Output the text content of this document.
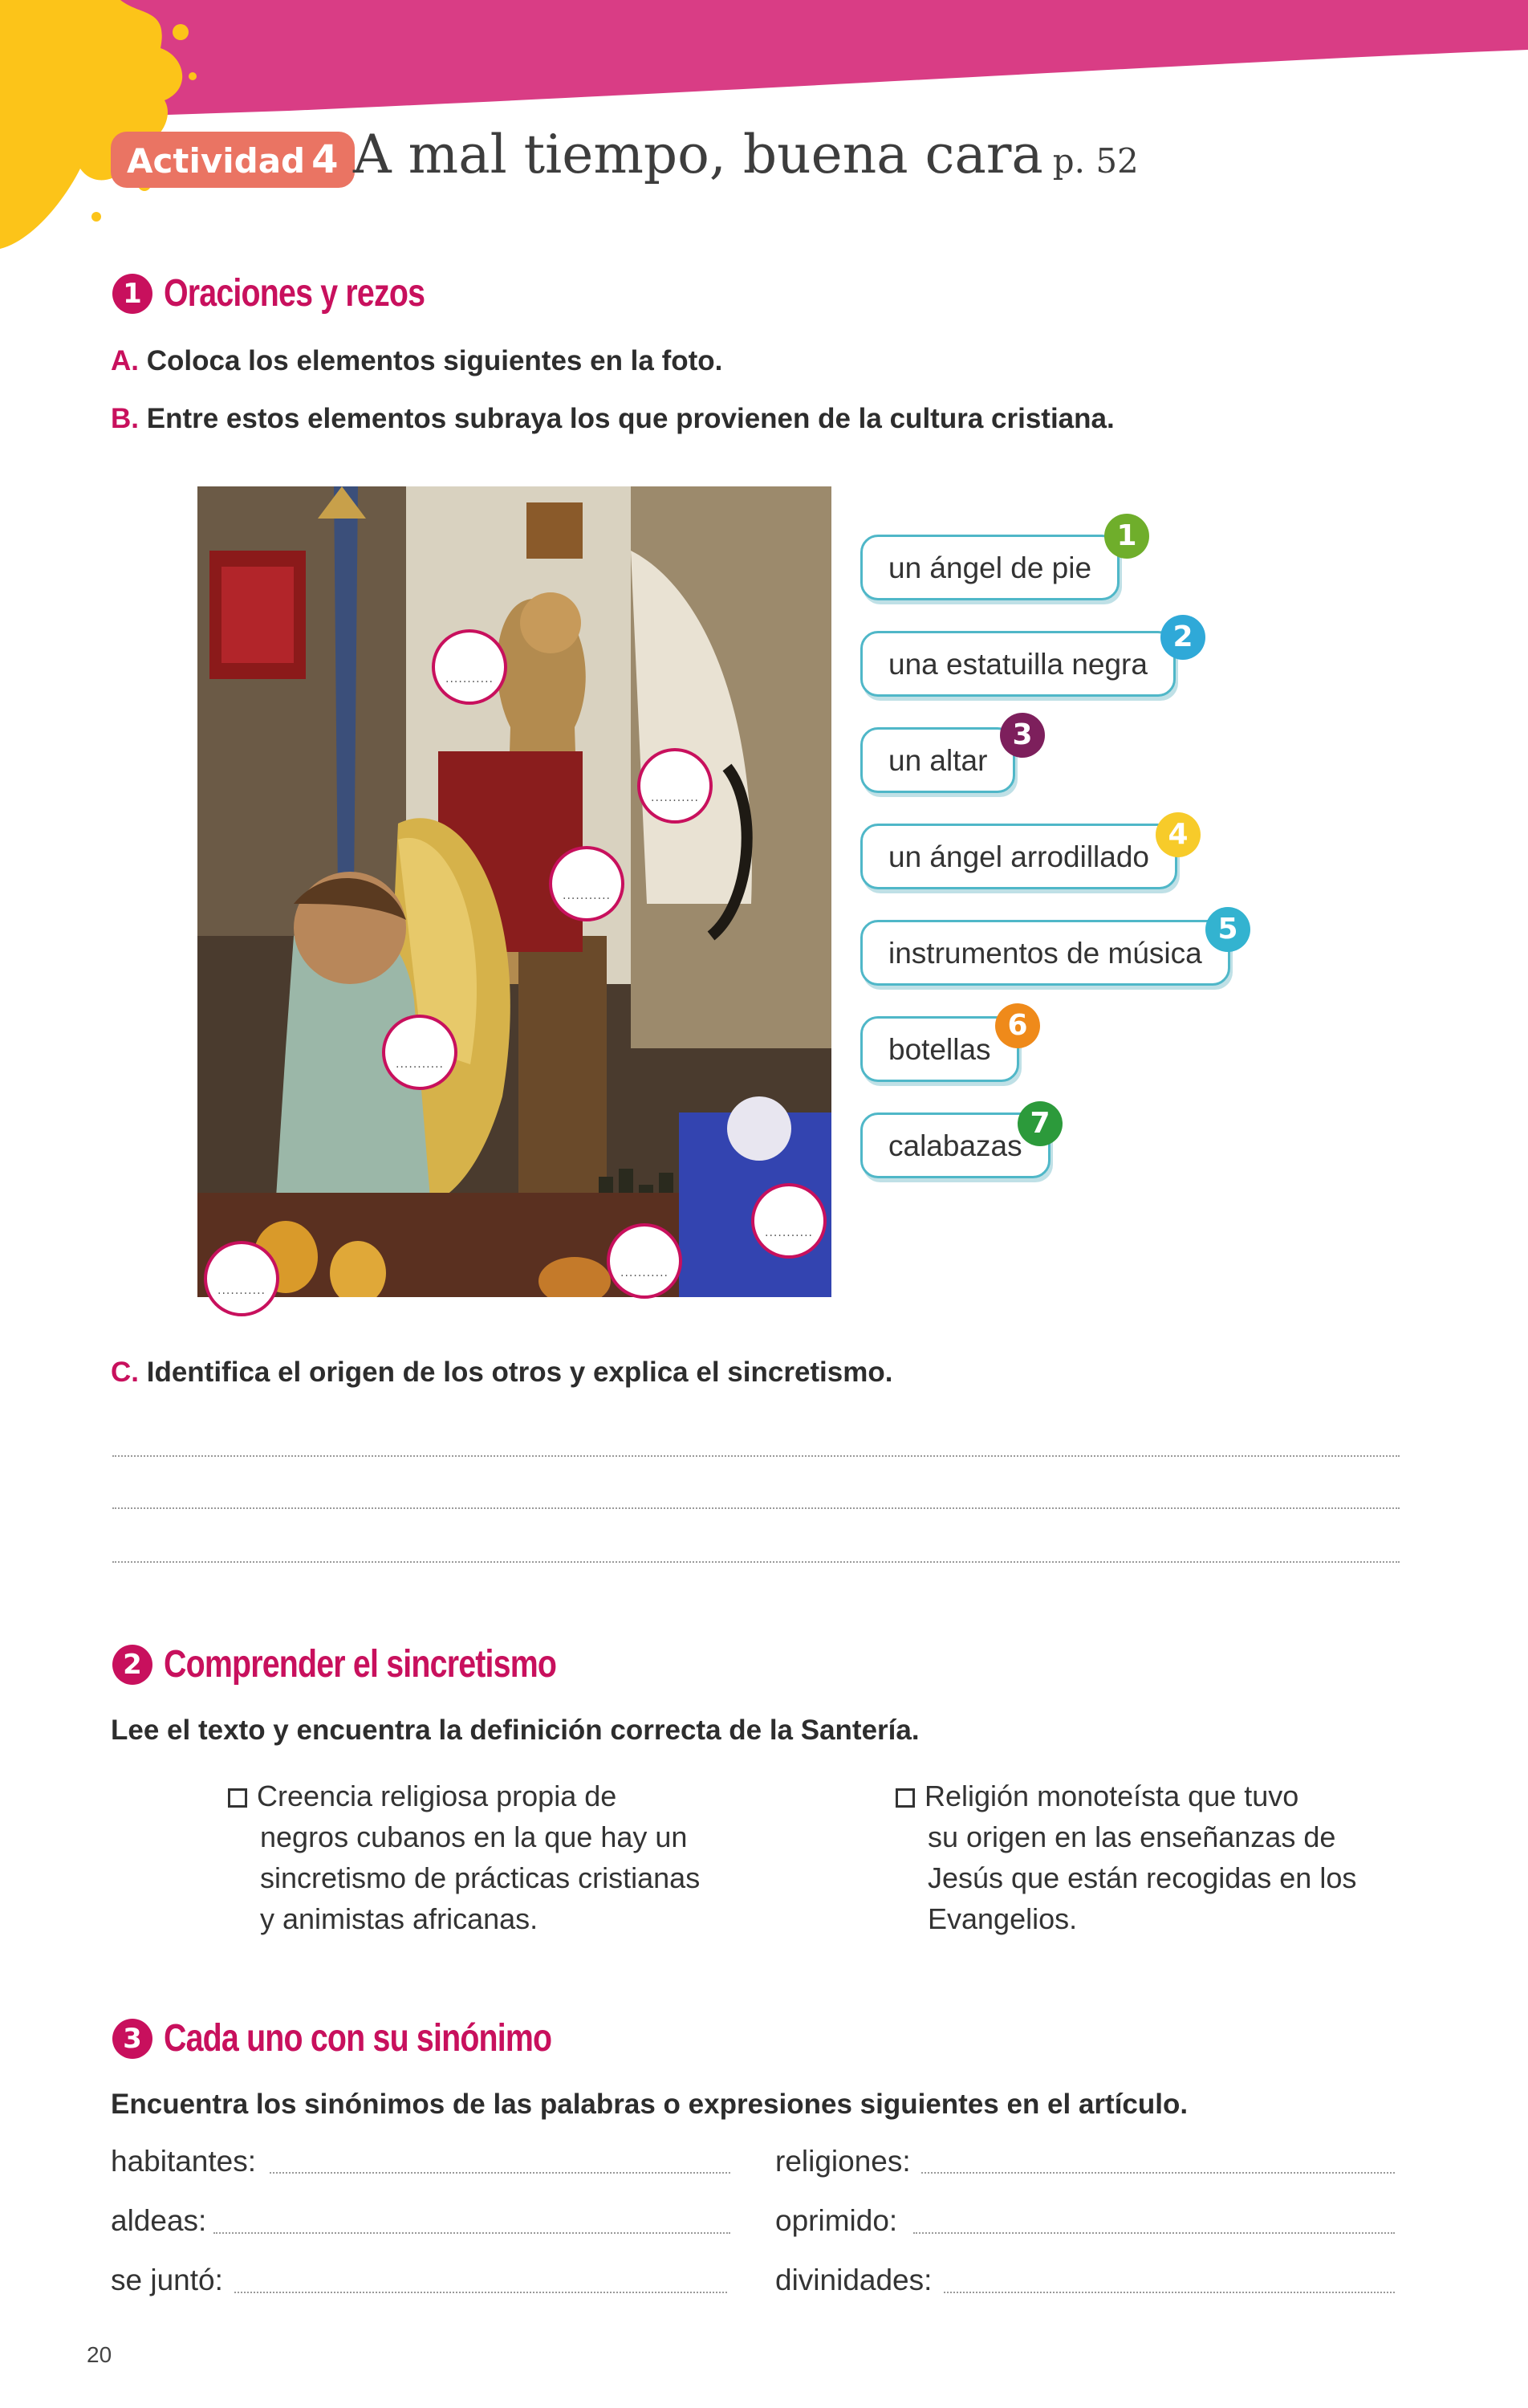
Actividad 4 A mal tiempo, buena cara p. 52
1 Oraciones y rezos
A. Coloca los elementos siguientes en la foto.
B. Entre estos elementos subraya los que provienen de la cultura cristiana.
.....
.....
.....
.....
.....
.....
.....
un ángel de pie
1
una estatuilla negra
2
un altar
3
un ángel arrodillado
4
instrumentos de música
5
botellas
6
calabazas
7
C. Identifica el origen de los otros y explica el sincretismo.
2 Comprender el sincretismo
Lee el texto y encuentra la definición correcta de la Santería.
Creencia religiosa propia de
negros cubanos en la que hay un
sincretismo de prácticas cristianas
y animistas africanas.
Religión monoteísta que tuvo
su origen en las enseñanzas de
Jesús que están recogidas en los
Evangelios.
3 Cada uno con su sinónimo
Encuentra los sinónimos de las palabras o expresiones siguientes en el artículo.
habitantes:
aldeas:
se juntó:
religiones:
oprimido:
divinidades:
20
